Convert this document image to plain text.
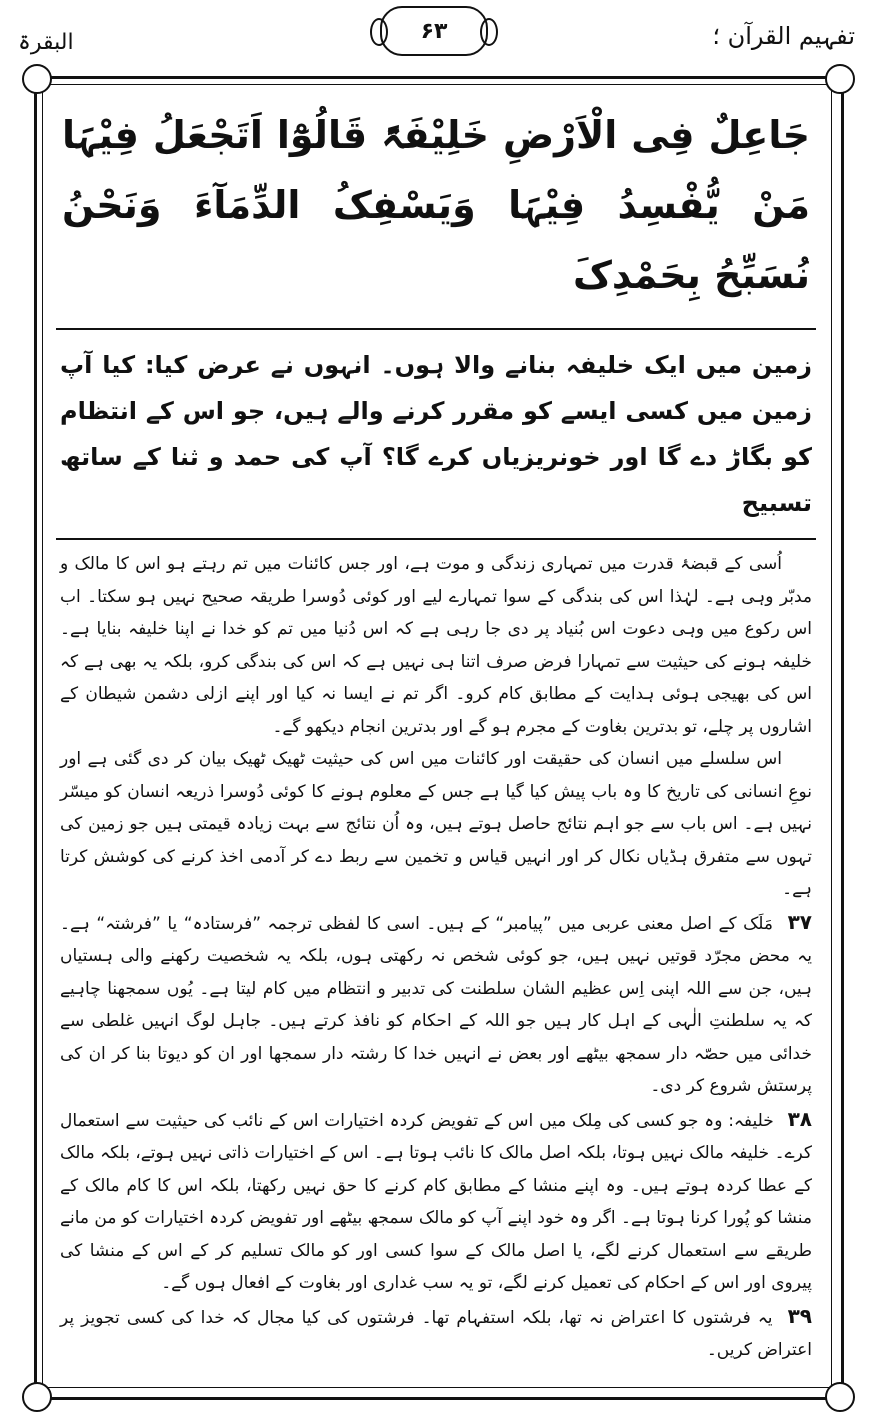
البقرۃ	۶۳	تفہیم القرآن ؛

جَاعِلٌ فِی الْاَرْضِ خَلِیْفَۃً قَالُوْٓا اَتَجْعَلُ فِیْہَا مَنْ یُّفْسِدُ فِیْہَا وَیَسْفِکُ الدِّمَآءَ وَنَحْنُ نُسَبِّحُ بِحَمْدِکَ

زمین میں ایک خلیفہ بنانے والا ہوں۔ انہوں نے عرض کیا: کیا آپ زمین میں کسی ایسے کو مقرر کرنے والے ہیں، جو اس کے انتظام کو بگاڑ دے گا اور خونریزیاں کرے گا؟ آپ کی حمد و ثنا کے ساتھ تسبیح

اُسی کے قبضۂ قدرت میں تمہاری زندگی و موت ہے، اور جس کائنات میں تم رہتے ہو اس کا مالک و مدبّر وہی ہے۔ لہٰذا اس کی بندگی کے سوا تمہارے لیے اور کوئی دُوسرا طریقہ صحیح نہیں ہو سکتا۔ اب اس رکوع میں وہی دعوت اس بُنیاد پر دی جا رہی ہے کہ اس دُنیا میں تم کو خدا نے اپنا خلیفہ بنایا ہے۔ خلیفہ ہونے کی حیثیت سے تمہارا فرض صرف اتنا ہی نہیں ہے کہ اس کی بندگی کرو، بلکہ یہ بھی ہے کہ اس کی بھیجی ہوئی ہدایت کے مطابق کام کرو۔ اگر تم نے ایسا نہ کیا اور اپنے ازلی دشمن شیطان کے اشاروں پر چلے، تو بدترین بغاوت کے مجرم ہو گے اور بدترین انجام دیکھو گے۔

اس سلسلے میں انسان کی حقیقت اور کائنات میں اس کی حیثیت ٹھیک ٹھیک بیان کر دی گئی ہے اور نوعِ انسانی کی تاریخ کا وہ باب پیش کیا گیا ہے جس کے معلوم ہونے کا کوئی دُوسرا ذریعہ انسان کو میسّر نہیں ہے۔ اس باب سے جو اہم نتائج حاصل ہوتے ہیں، وہ اُن نتائج سے بہت زیادہ قیمتی ہیں جو زمین کی تہوں سے متفرق ہڈیاں نکال کر اور انہیں قیاس و تخمین سے ربط دے کر آدمی اخذ کرنے کی کوشش کرتا ہے۔

۳۷ مَلَک کے اصل معنی عربی میں ”پیامبر“ کے ہیں۔ اسی کا لفظی ترجمہ ”فرستادہ“ یا ”فرشتہ“ ہے۔ یہ محض مجرّد قوتیں نہیں ہیں، جو کوئی شخص نہ رکھتی ہوں، بلکہ یہ شخصیت رکھنے والی ہستیاں ہیں، جن سے اللہ اپنی اِس عظیم الشان سلطنت کی تدبیر و انتظام میں کام لیتا ہے۔ یُوں سمجھنا چاہیے کہ یہ سلطنتِ الٰہی کے اہل کار ہیں جو اللہ کے احکام کو نافذ کرتے ہیں۔ جاہل لوگ انہیں غلطی سے خدائی میں حصّہ دار سمجھ بیٹھے اور بعض نے انہیں خدا کا رشتہ دار سمجھا اور ان کو دیوتا بنا کر ان کی پرستش شروع کر دی۔

۳۸ خلیفہ: وہ جو کسی کی مِلک میں اس کے تفویض کردہ اختیارات اس کے نائب کی حیثیت سے استعمال کرے۔ خلیفہ مالک نہیں ہوتا، بلکہ اصل مالک کا نائب ہوتا ہے۔ اس کے اختیارات ذاتی نہیں ہوتے، بلکہ مالک کے عطا کردہ ہوتے ہیں۔ وہ اپنے منشا کے مطابق کام کرنے کا حق نہیں رکھتا، بلکہ اس کا کام مالک کے منشا کو پُورا کرنا ہوتا ہے۔ اگر وہ خود اپنے آپ کو مالک سمجھ بیٹھے اور تفویض کردہ اختیارات کو من مانے طریقے سے استعمال کرنے لگے، یا اصل مالک کے سوا کسی اور کو مالک تسلیم کر کے اس کے منشا کی پیروی اور اس کے احکام کی تعمیل کرنے لگے، تو یہ سب غداری اور بغاوت کے افعال ہوں گے۔

۳۹ یہ فرشتوں کا اعتراض نہ تھا، بلکہ استفہام تھا۔ فرشتوں کی کیا مجال کہ خدا کی کسی تجویز پر اعتراض کریں۔
